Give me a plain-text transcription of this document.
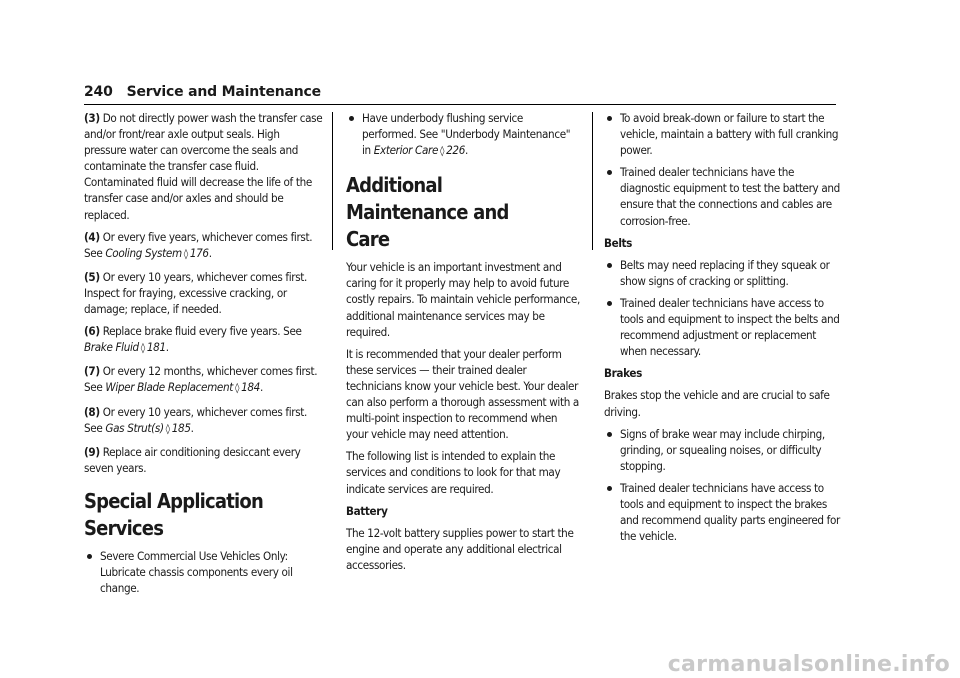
240 Service and Maintenance

(3) Do not directly power wash the transfer case and/or front/rear axle output seals. High pressure water can overcome the seals and contaminate the transfer case fluid. Contaminated fluid will decrease the life of the transfer case and/or axles and should be replaced.

(4) Or every five years, whichever comes first. See Cooling System ◊ 176.

(5) Or every 10 years, whichever comes first. Inspect for fraying, excessive cracking, or damage; replace, if needed.

(6) Replace brake fluid every five years. See Brake Fluid ◊ 181.

(7) Or every 12 months, whichever comes first. See Wiper Blade Replacement ◊ 184.

(8) Or every 10 years, whichever comes first. See Gas Strut(s) ◊ 185.

(9) Replace air conditioning desiccant every seven years.

Special Application Services
Severe Commercial Use Vehicles Only: Lubricate chassis components every oil change.
Have underbody flushing service performed. See "Underbody Maintenance" in Exterior Care ◊ 226.
Additional Maintenance and Care

Your vehicle is an important investment and caring for it properly may help to avoid future costly repairs. To maintain vehicle performance, additional maintenance services may be required.

It is recommended that your dealer perform these services — their trained dealer technicians know your vehicle best. Your dealer can also perform a thorough assessment with a multi-point inspection to recommend when your vehicle may need attention.

The following list is intended to explain the services and conditions to look for that may indicate services are required.

Battery

The 12-volt battery supplies power to start the engine and operate any additional electrical accessories.

To avoid break-down or failure to start the vehicle, maintain a battery with full cranking power.
Trained dealer technicians have the diagnostic equipment to test the battery and ensure that the connections and cables are corrosion-free.

Belts

Belts may need replacing if they squeak or show signs of cracking or splitting.
Trained dealer technicians have access to tools and equipment to inspect the belts and recommend adjustment or replacement when necessary.

Brakes

Brakes stop the vehicle and are crucial to safe driving.

Signs of brake wear may include chirping, grinding, or squealing noises, or difficulty stopping.
Trained dealer technicians have access to tools and equipment to inspect the brakes and recommend quality parts engineered for the vehicle.
carmanualsonline.info
